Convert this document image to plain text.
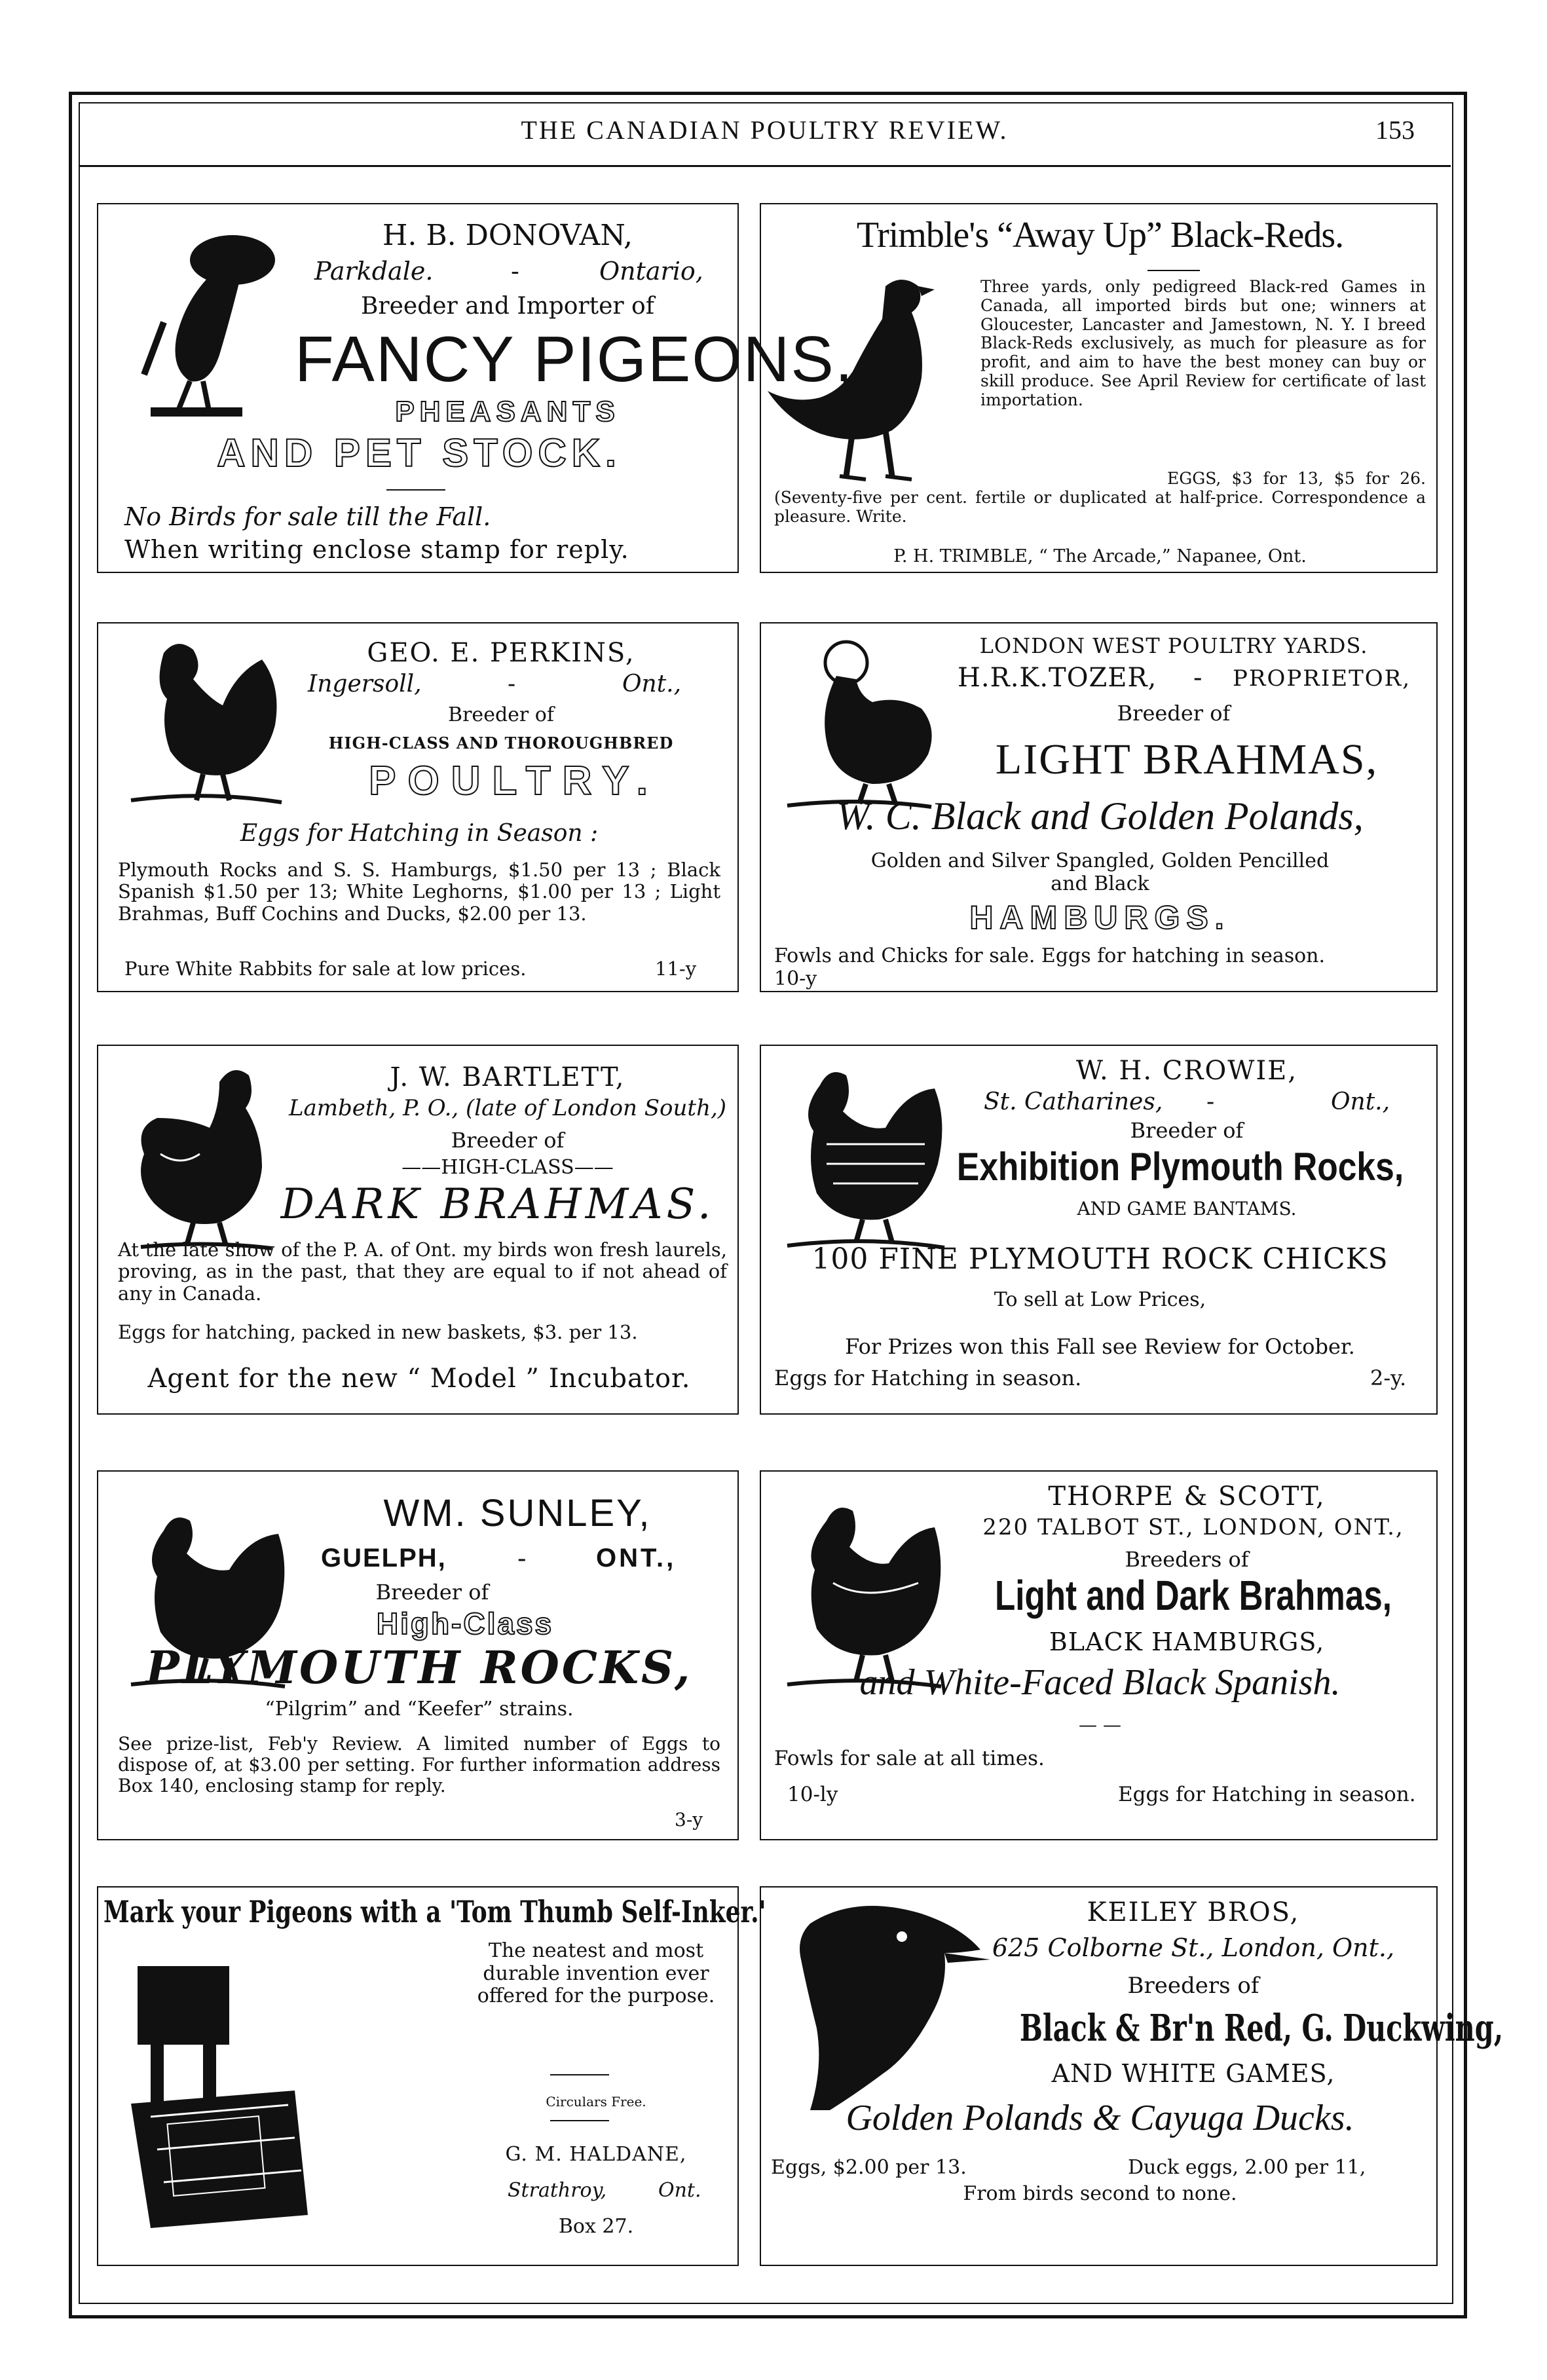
THE CANADIAN POULTRY REVIEW.	153
H. B. DONOVAN,
Parkdale.	-	Ontario,
Breeder and Importer of
FANCY PIGEONS,
PHEASANTS
AND PET STOCK.
No Birds for sale till the Fall.
When writing enclose stamp for reply.
Trimble's “Away Up” Black-Reds.
Three yards, only pedigreed Black-red Games in Canada, all imported birds but one; winners at Gloucester, Lancaster and Jamestown, N. Y. I breed Black-Reds exclusively, as much for pleasure as for profit, and aim to have the best money can buy or skill produce. See April Review for certificate of last importation.
EGGS, $3 for 13, $5 for 26. (Seventy-five per cent. fertile or duplicated at half-price. Correspondence a pleasure. Write.
P. H. TRIMBLE, “ The Arcade,” Napanee, Ont.
GEO. E. PERKINS,
Ingersoll,	-	Ont.,
Breeder of
HIGH-CLASS AND THOROUGHBRED
POULTRY.
Eggs for Hatching in Season :
Plymouth Rocks and S. S. Hamburgs, $1.50 per 13 ; Black Spanish $1.50 per 13; White Leghorns, $1.00 per 13 ; Light Brahmas, Buff Cochins and Ducks, $2.00 per 13.
Pure White Rabbits for sale at low prices.	11-y
LONDON WEST POULTRY YARDS.
H.R.K.TOZER, - PROPRIETOR,
Breeder of
LIGHT BRAHMAS,
W. C. Black and Golden Polands,
Golden and Silver Spangled, Golden Pencilled
and Black
HAMBURGS.
Fowls and Chicks for sale. Eggs for hatching in season.
10-y
J. W. BARTLETT,
Lambeth, P. O., (late of London South,)
Breeder of
——HIGH-CLASS——
DARK BRAHMAS.
At the late show of the P. A. of Ont. my birds won fresh laurels, proving, as in the past, that they are equal to if not ahead of any in Canada.
Eggs for hatching, packed in new baskets, $3. per 13.
Agent for the new “ Model ” Incubator.
W. H. CROWIE,
St. Catharines, -	Ont.,
Breeder of
Exhibition Plymouth Rocks,
AND GAME BANTAMS.
100 FINE PLYMOUTH ROCK CHICKS
To sell at Low Prices,
For Prizes won this Fall see Review for October.
Eggs for Hatching in season.	2-y.
WM. SUNLEY,
GUELPH,	-	ONT.,
Breeder of
High-Class
PLYMOUTH ROCKS,
“Pilgrim” and “Keefer” strains.
See prize-list, Feb'y Review. A limited number of Eggs to dispose of, at $3.00 per setting. For further information address Box 140, enclosing stamp for reply.
3-y
THORPE & SCOTT,
220 TALBOT ST., LONDON, ONT.,
Breeders of
Light and Dark Brahmas,
BLACK HAMBURGS,
and White-Faced Black Spanish.
— —
Fowls for sale at all times.
10-ly	Eggs for Hatching in season.
Mark your Pigeons with a 'Tom Thumb Self-Inker.'
The neatest and most durable invention ever offered for the purpose.
Circulars Free.
G. M. HALDANE,
Strathroy,	Ont.
Box 27.
KEILEY BROS,
625 Colborne St., London, Ont.,
Breeders of
Black & Br'n Red, G. Duckwing,
AND WHITE GAMES,
Golden Polands & Cayuga Ducks.
Eggs, $2.00 per 13.	Duck eggs, 2.00 per 11,
From birds second to none.
